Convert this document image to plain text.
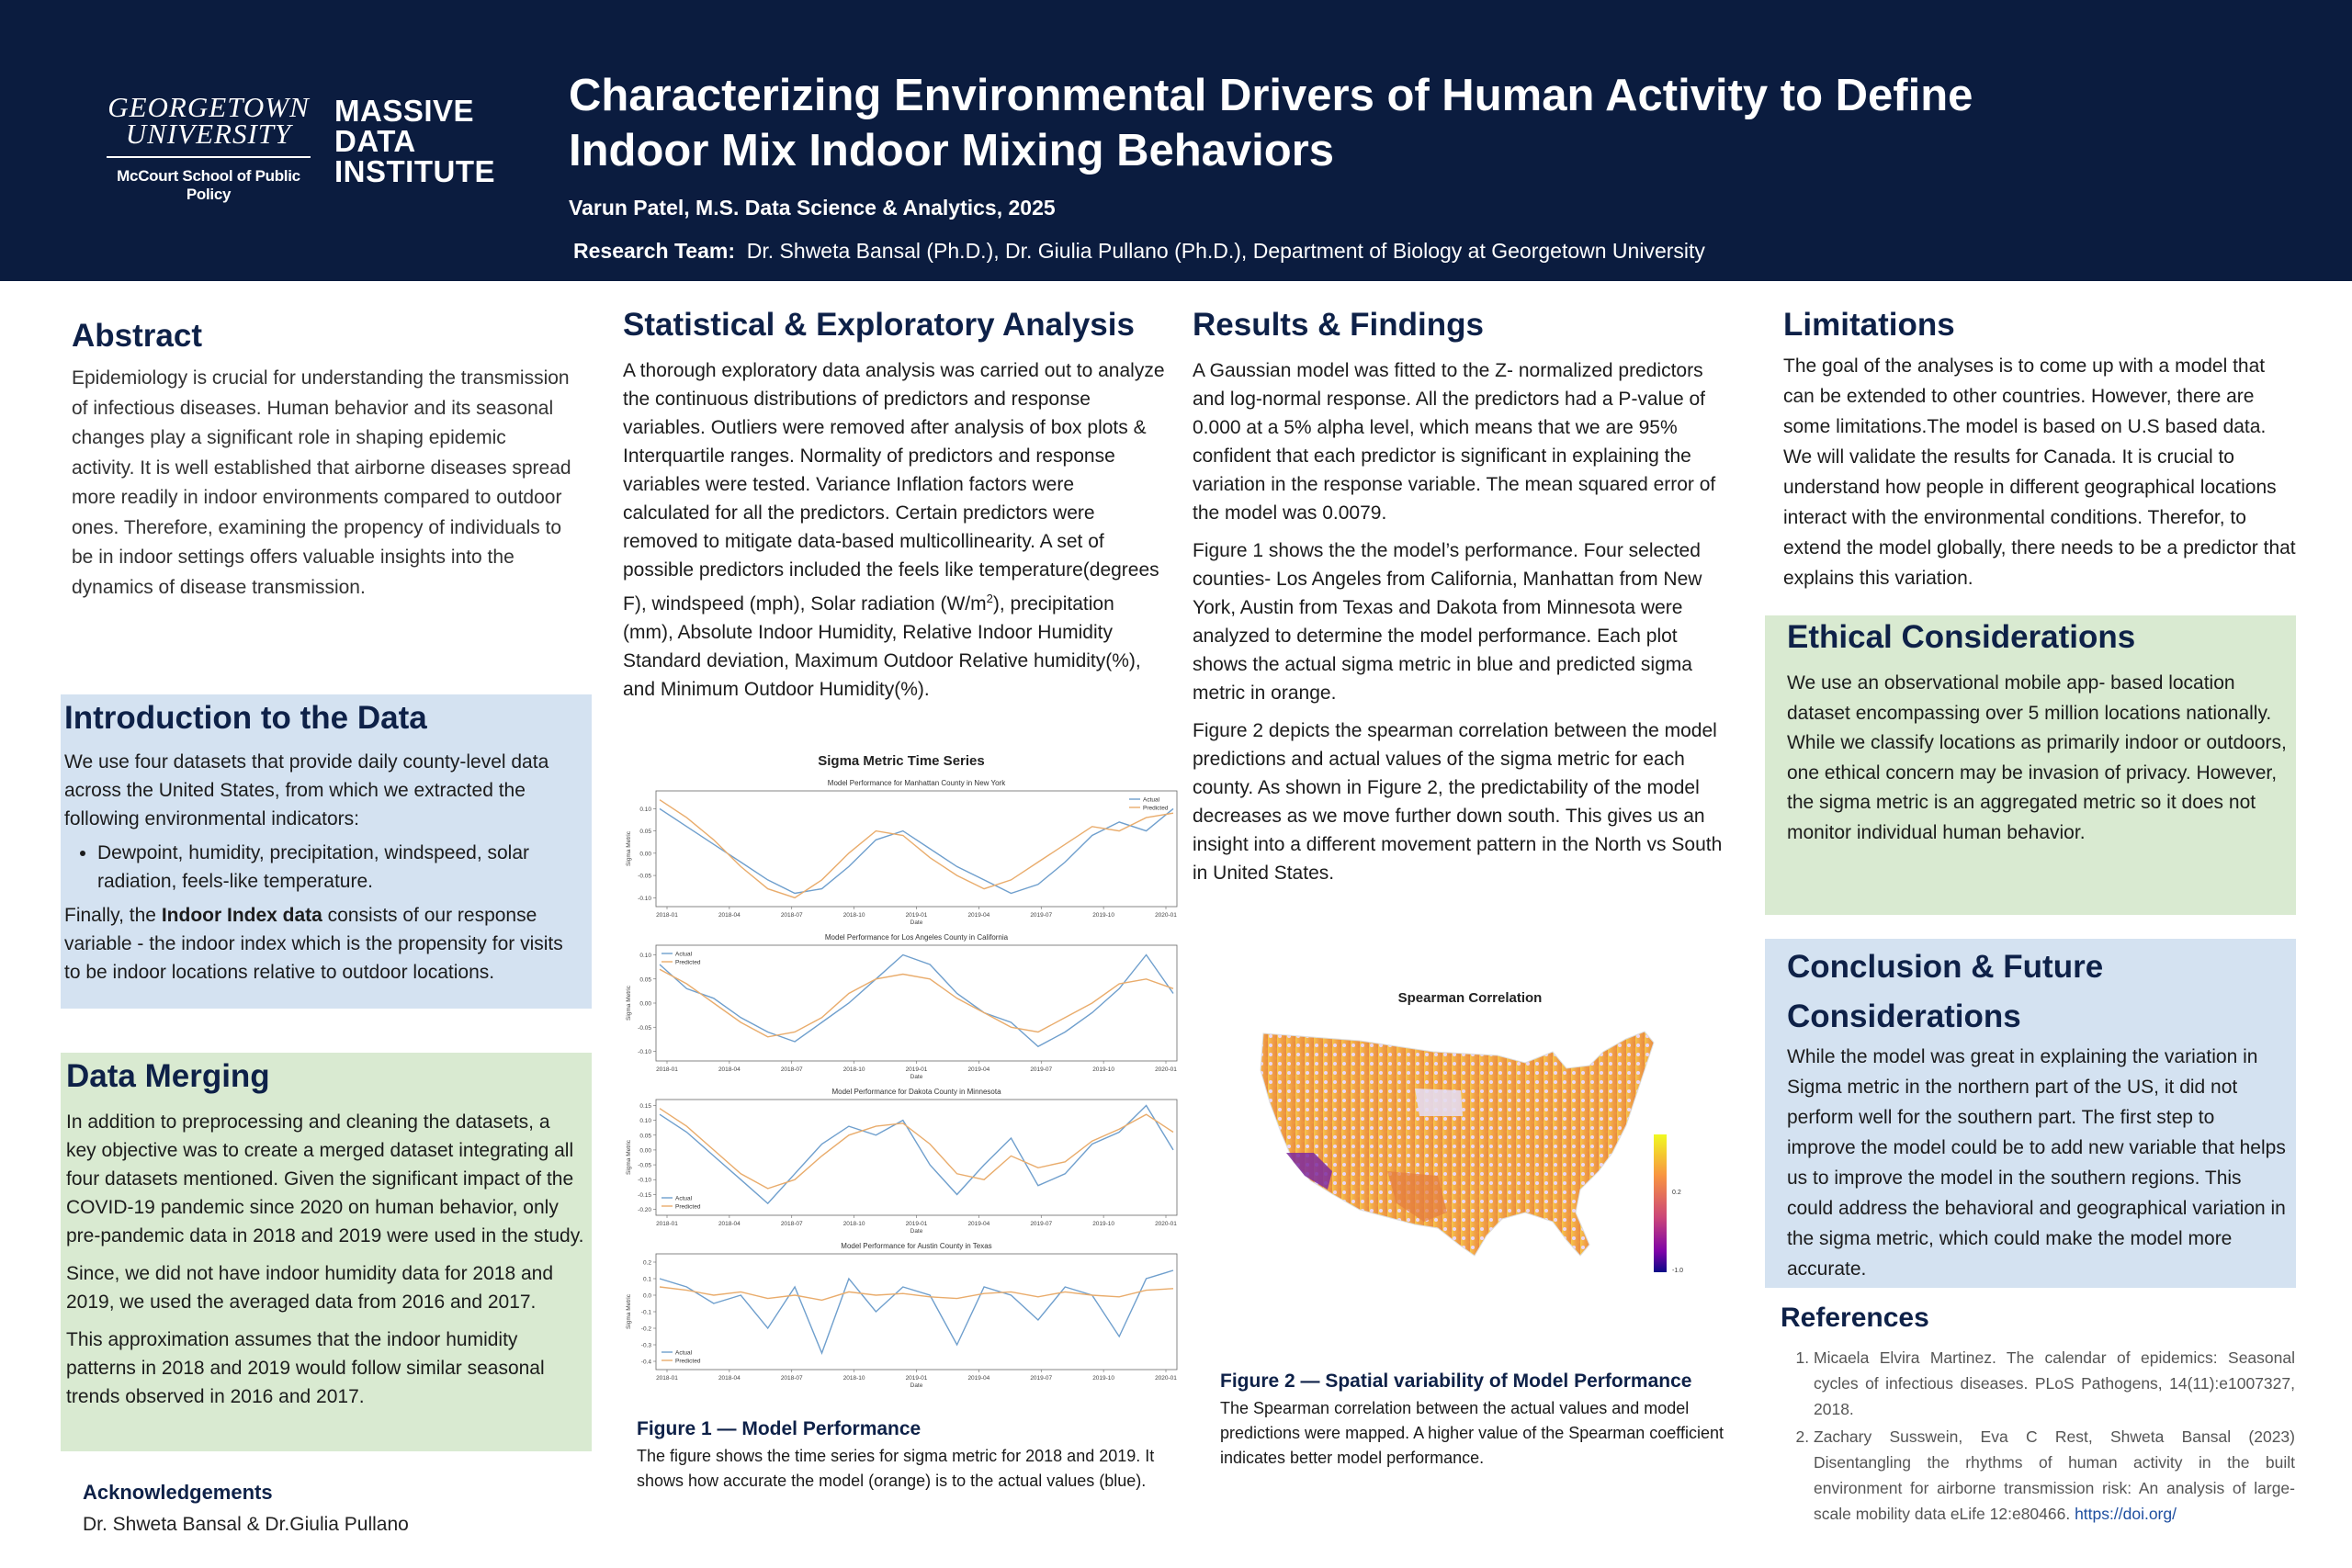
GEORGETOWN
UNIVERSITY
McCourt School of Public Policy
MASSIVE
DATA
INSTITUTE
Characterizing Environmental Drivers of Human Activity to Define
Indoor Mix Indoor Mixing Behaviors
Varun Patel, M.S. Data Science & Analytics, 2025
Research Team: Dr. Shweta Bansal (Ph.D.), Dr. Giulia Pullano (Ph.D.), Department of Biology at Georgetown University
Abstract

Epidemiology is crucial for understanding the transmission of infectious diseases. Human behavior and its seasonal changes play a significant role in shaping epidemic activity. It is well established that airborne diseases spread more readily in indoor environments compared to outdoor ones. Therefore, examining the propency of individuals to be in indoor settings offers valuable insights into the dynamics of disease transmission.

Introduction to the Data

We use four datasets that provide daily county-level data across the United States, from which we extracted the following environmental indicators:

• Dewpoint, humidity, precipitation, windspeed, solar radiation, feels-like temperature.

Finally, the Indoor Index data consists of our response variable - the indoor index which is the propensity for visits to be indoor locations relative to outdoor locations.

Data Merging

In addition to preprocessing and cleaning the datasets, a key objective was to create a merged dataset integrating all four datasets mentioned. Given the significant impact of the COVID-19 pandemic since 2020 on human behavior, only pre-pandemic data in 2018 and 2019 were used in the study.

Since, we did not have indoor humidity data for 2018 and 2019, we used the averaged data from 2016 and 2017.

This approximation assumes that the indoor humidity patterns in 2018 and 2019 would follow similar seasonal trends observed in 2016 and 2017.

Acknowledgements
Dr. Shweta Bansal & Dr.Giulia Pullano
Statistical & Exploratory Analysis

A thorough exploratory data analysis was carried out to analyze the continuous distributions of predictors and response variables. Outliers were removed after analysis of box plots & Interquartile ranges. Normality of predictors and response variables were tested. Variance Inflation factors were calculated for all the predictors. Certain predictors were removed to mitigate data-based multicollinearity. A set of possible predictors included the feels like temperature(degrees F), windspeed (mph), Solar radiation $(W/m^2)$, precipitation (mm), Absolute Indoor Humidity, Relative Indoor Humidity Standard deviation, Maximum Outdoor Relative humidity(%), and Minimum Outdoor Humidity(%).

Sigma Metric Time Series
Model Performance for Manhattan County in New York
0.10
0.05
0.00
-0.05
-0.10
2018-01	2018-04	2018-07	2018-10	2019-01	2019-04	2019-07	2019-10	2020-01
Date
Sigma Metric
Actual
Predicted
Model Performance for Los Angeles County in California
0.10
0.05
0.00
-0.05
-0.10
2018-01	2018-04	2018-07	2018-10	2019-01	2019-04	2019-07	2019-10	2020-01
Date
Sigma Metric
Actual
Predicted
Model Performance for Dakota County in Minnesota
0.15
0.10
0.05
0.00
-0.05
-0.10
-0.15
-0.20
2018-01	2018-04	2018-07	2018-10	2019-01	2019-04	2019-07	2019-10	2020-01
Date
Sigma Metric
Actual
Predicted
Model Performance for Austin County in Texas
0.2
0.1
0.0
-0.1
-0.2
-0.3
-0.4
2018-01	2018-04	2018-07	2018-10	2019-01	2019-04	2019-07	2019-10	2020-01
Date
Sigma Metric
Actual
Predicted
Figure 1 — Model Performance
The figure shows the time series for sigma metric for 2018 and 2019. It shows how accurate the model (orange) is to the actual values (blue).
Results & Findings

A Gaussian model was fitted to the Z- normalized predictors and log-normal response. All the predictors had a P-value of 0.000 at a 5% alpha level, which means that we are 95% confident that each predictor is significant in explaining the variation in the response variable. The mean squared error of the model was 0.0079.

Figure 1 shows the the model’s performance. Four selected counties- Los Angeles from California, Manhattan from New York, Austin from Texas and Dakota from Minnesota were analyzed to determine the model performance. Each plot shows the actual sigma metric in blue and predicted sigma metric in orange.

Figure 2 depicts the spearman correlation between the model predictions and actual values of the sigma metric for each county. As shown in Figure 2, the predictability of the model decreases as we move further down south. This gives us an insight into a different movement pattern in the North vs South in United States.

Spearman Correlation
0.2
-1.0
Figure 2 — Spatial variability of Model Performance
The Spearman correlation between the actual values and model predictions were mapped. A higher value of the Spearman coefficient indicates better model performance.
Limitations

The goal of the analyses is to come up with a model that can be extended to other countries. However, there are some limitations.The model is based on U.S based data. We will validate the results for Canada. It is crucial to understand how people in different geographical locations interact with the environmental conditions. Therefor, to extend the model globally, there needs to be a predictor that explains this variation.

Ethical Considerations

We use an observational mobile app- based location dataset encompassing over 5 million locations nationally. While we classify locations as primarily indoor or outdoors, one ethical concern may be invasion of privacy. However, the sigma metric is an aggregated metric so it does not monitor individual human behavior.

Conclusion & Future
Considerations

While the model was great in explaining the variation in Sigma metric in the northern part of the US, it did not perform well for the southern part. The first step to improve the model could be to add new variable that helps us to improve the model in the southern regions. This could address the behavioral and geographical variation in the sigma metric, which could make the model more accurate.

References
1. Micaela Elvira Martinez. The calendar of epidemics: Seasonal cycles of infectious diseases. PLoS Pathogens, 14(11):e1007327, 2018.
2. Zachary Susswein, Eva C Rest, Shweta Bansal (2023) Disentangling the rhythms of human activity in the built environment for airborne transmission risk: An analysis of large-scale mobility data eLife 12:e80466. https://doi.org/
